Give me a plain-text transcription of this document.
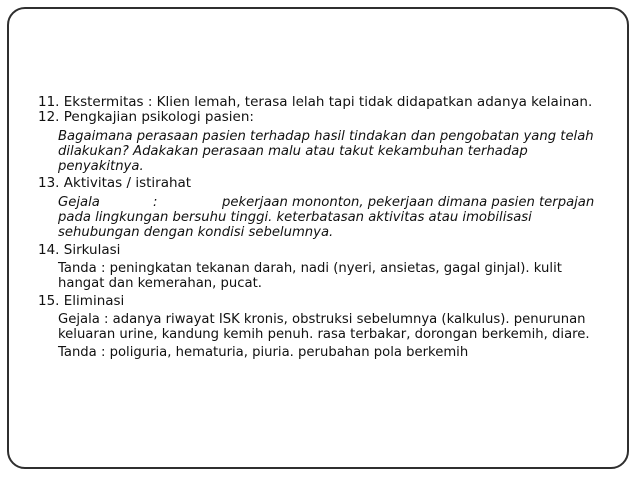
11. Ekstermitas : Klien lemah, terasa lelah tapi tidak didapatkan adanya kelainan.

12. Pengkajian psikologi pasien:

Bagaimana perasaan pasien terhadap hasil tindakan dan pengobatan yang telah dilakukan? Adakakan perasaan malu atau takut kekambuhan terhadap penyakitnya.

13. Aktivitas / istirahat

Gejala	:	pekerjaan mononton, pekerjaan dimana pasien terpajan pada lingkungan bersuhu tinggi. keterbatasan aktivitas atau imobilisasi sehubungan dengan kondisi sebelumnya.

14. Sirkulasi

Tanda : peningkatan tekanan darah, nadi (nyeri, ansietas, gagal ginjal). kulit hangat dan kemerahan, pucat.

15. Eliminasi

Gejala : adanya riwayat ISK kronis, obstruksi sebelumnya (kalkulus). penurunan keluaran urine, kandung kemih penuh. rasa terbakar, dorongan berkemih, diare.

Tanda : poliguria, hematuria, piuria. perubahan pola berkemih
